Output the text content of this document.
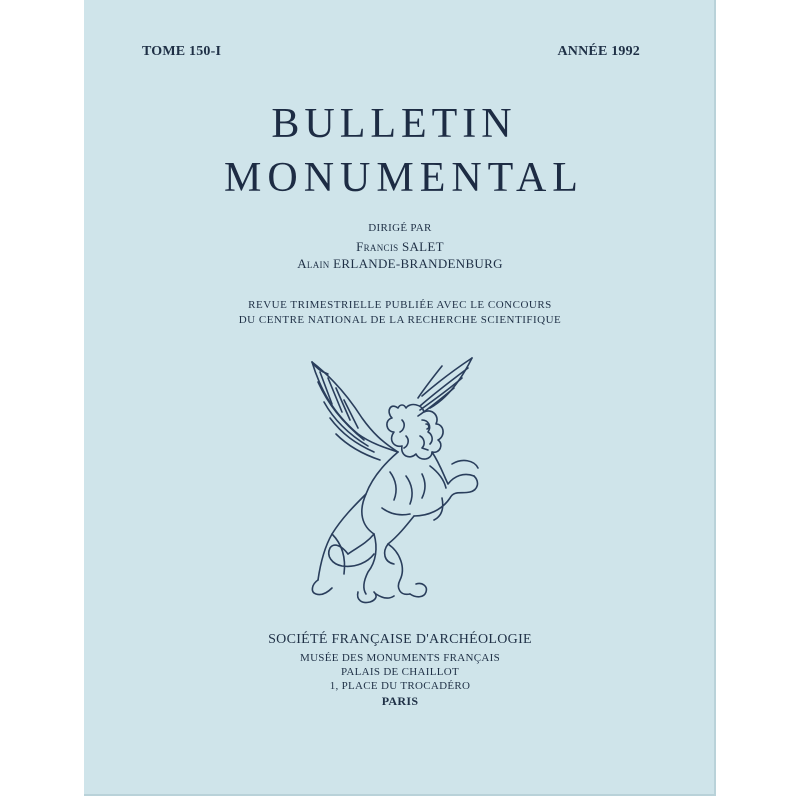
TOME 150-I	ANNÉE 1992
BULLETIN
MONUMENTAL
DIRIGÉ PAR
Francis SALET
Alain ERLANDE-BRANDENBURG
REVUE TRIMESTRIELLE PUBLIÉE AVEC LE CONCOURS
DU CENTRE NATIONAL DE LA RECHERCHE SCIENTIFIQUE
SOCIÉTÉ FRANÇAISE D'ARCHÉOLOGIE
MUSÉE DES MONUMENTS FRANÇAIS
PALAIS DE CHAILLOT
1, PLACE DU TROCADÉRO
PARIS
